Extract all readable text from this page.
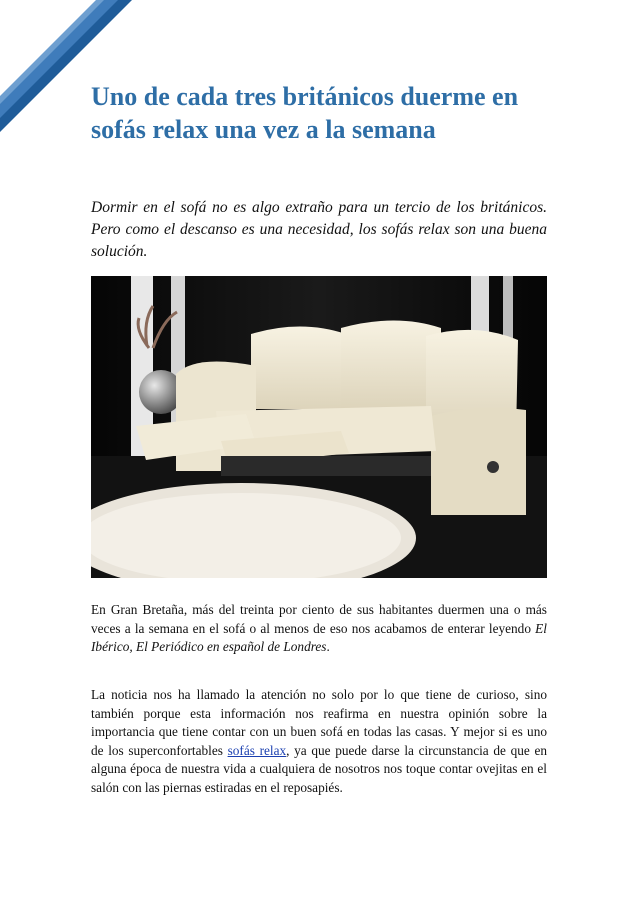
Uno de cada tres británicos duerme en sofás relax una vez a la semana

Dormir en el sofá no es algo extraño para un tercio de los británicos. Pero como el descanso es una necesidad, los sofás relax son una buena solución.

En Gran Bretaña, más del treinta por ciento de sus habitantes duermen una o más veces a la semana en el sofá o al menos de eso nos acabamos de enterar leyendo El Ibérico, El Periódico en español de Londres.

La noticia nos ha llamado la atención no solo por lo que tiene de curioso, sino también porque esta información nos reafirma en nuestra opinión sobre la importancia que tiene contar con un buen sofá en todas las casas. Y mejor si es uno de los superconfortables sofás relax, ya que puede darse la circunstancia de que en alguna época de nuestra vida a cualquiera de nosotros nos toque contar ovejitas en el salón con las piernas estiradas en el reposapiés.
